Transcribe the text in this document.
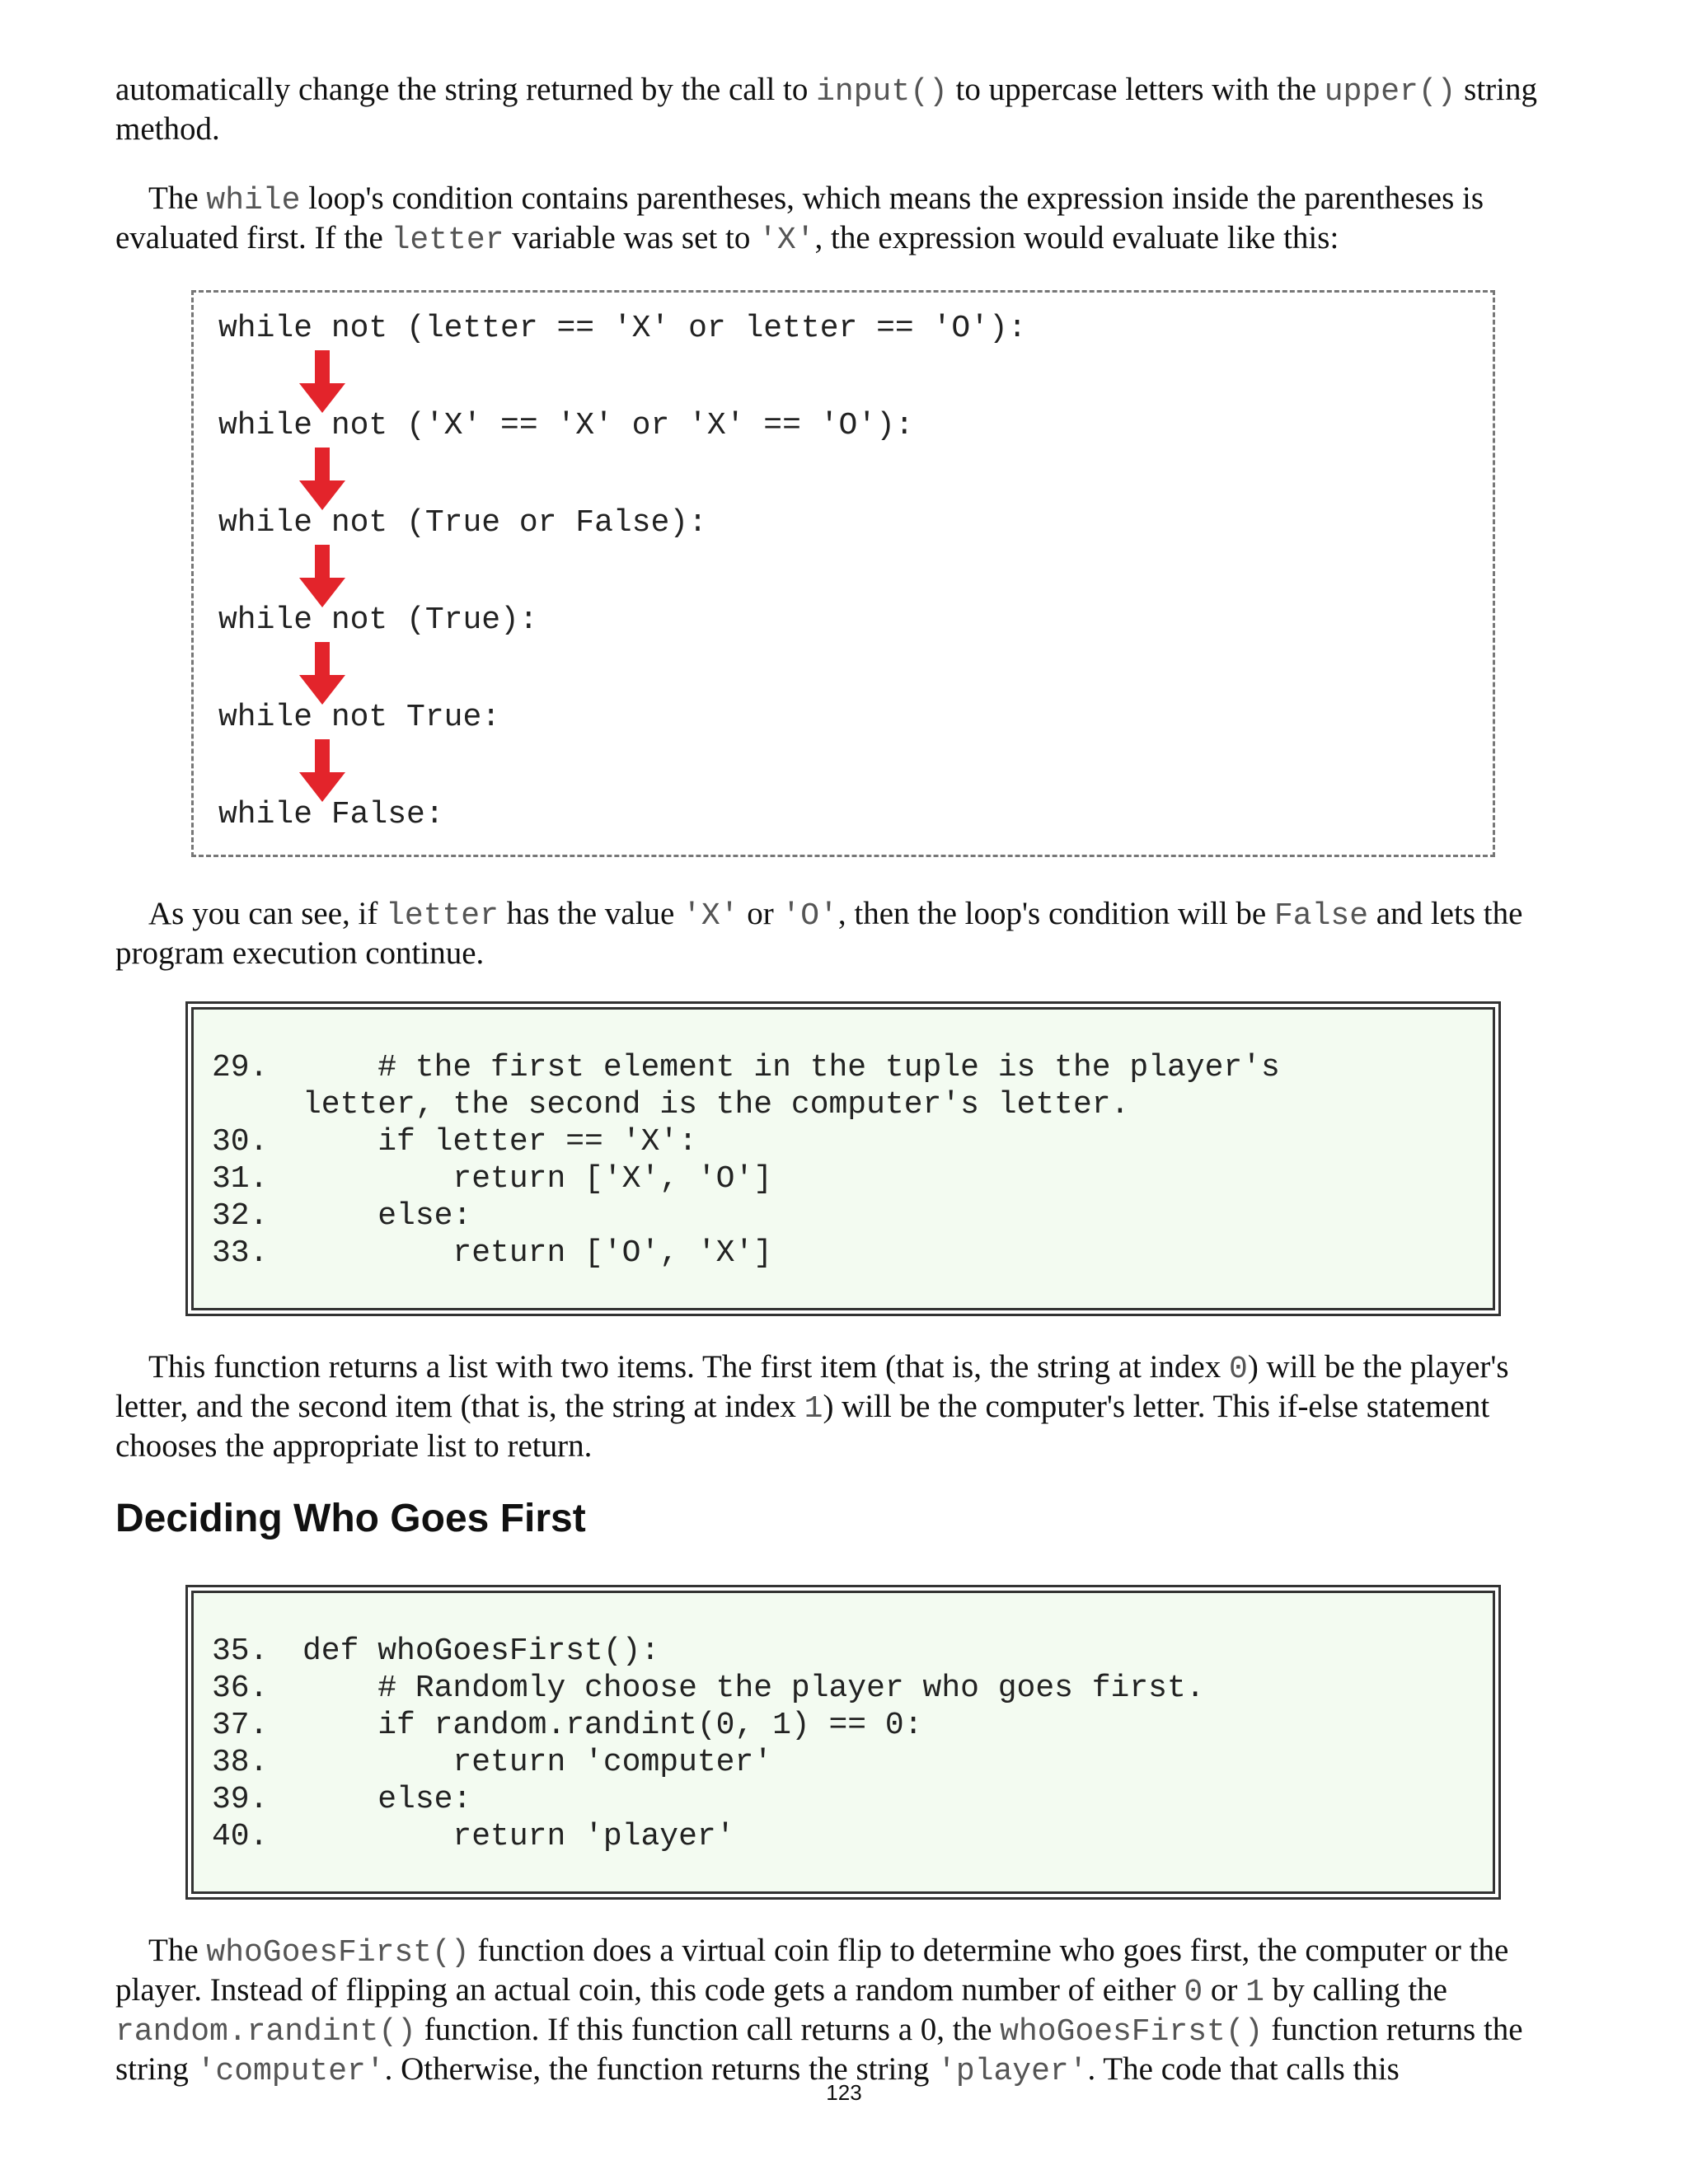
automatically change the string returned by the call to input() to uppercase letters with the upper() string method.

The while loop's condition contains parentheses, which means the expression inside the parentheses is evaluated first. If the letter variable was set to 'X', the expression would evaluate like this:

while not (letter == 'X' or letter == 'O'):
while not ('X' == 'X' or 'X' == 'O'):
while not (True or False):
while not (True):
while not True:
while False:

As you can see, if letter has the value 'X' or 'O', then the loop's condition will be False and lets the program execution continue.

29.    # the first element in the tuple is the player's
letter, the second is the computer's letter.
30.    if letter == 'X':
31.        return ['X', 'O']
32.    else:
33.        return ['O', 'X']

This function returns a list with two items. The first item (that is, the string at index 0) will be the player's letter, and the second item (that is, the string at index 1) will be the computer's letter. This if-else statement chooses the appropriate list to return.

Deciding Who Goes First
35. def whoGoesFirst():
36.    # Randomly choose the player who goes first.
37.    if random.randint(0, 1) == 0:
38.        return 'computer'
39.    else:
40.        return 'player'

The whoGoesFirst() function does a virtual coin flip to determine who goes first, the computer or the player. Instead of flipping an actual coin, this code gets a random number of either 0 or 1 by calling the random.randint() function. If this function call returns a 0, the whoGoesFirst() function returns the string 'computer'. Otherwise, the function returns the string 'player'. The code that calls this

123
